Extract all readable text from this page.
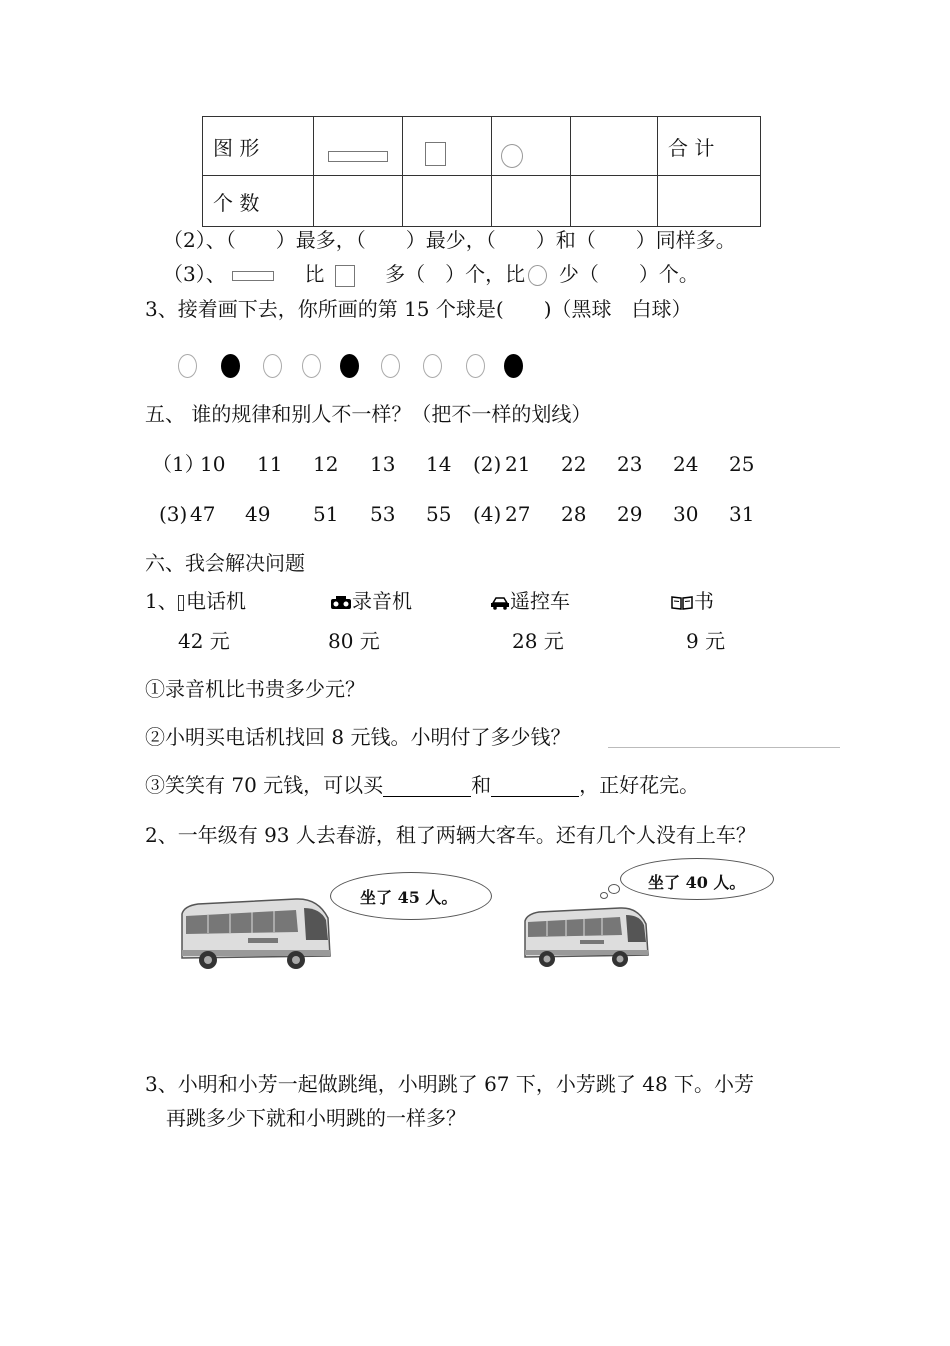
图 形					合 计
个 数					
（2）、（　　）最多，（　　）最少，（　　）和（　　）同样多。
（3）、	比	多（　）个，比 少（　　）个。
3、接着画下去，你所画的第 15 个球是(　　)（黑球　白球）
五、 谁的规律和别人不一样？（把不一样的划线）
（1）
10 11 12 13 14 (2) 21 22 23 24 25
(3) 47 49 51 53 55 (4) 27 28 29 30 31
六、我会解决问题
1、 电话机	录音机	遥控车	书
42 元	80 元	28 元	9 元
①录音机比书贵多少元？
②小明买电话机找回 8 元钱。小明付了多少钱？
③笑笑有 70 元钱，可以买	和	，正好花完。
2、一年级有 93 人去春游，租了两辆大客车。还有几个人没有上车？
坐了 45 人。
坐了 40 人。
3、小明和小芳一起做跳绳，小明跳了 67 下，小芳跳了 48 下。小芳
再跳多少下就和小明跳的一样多？
